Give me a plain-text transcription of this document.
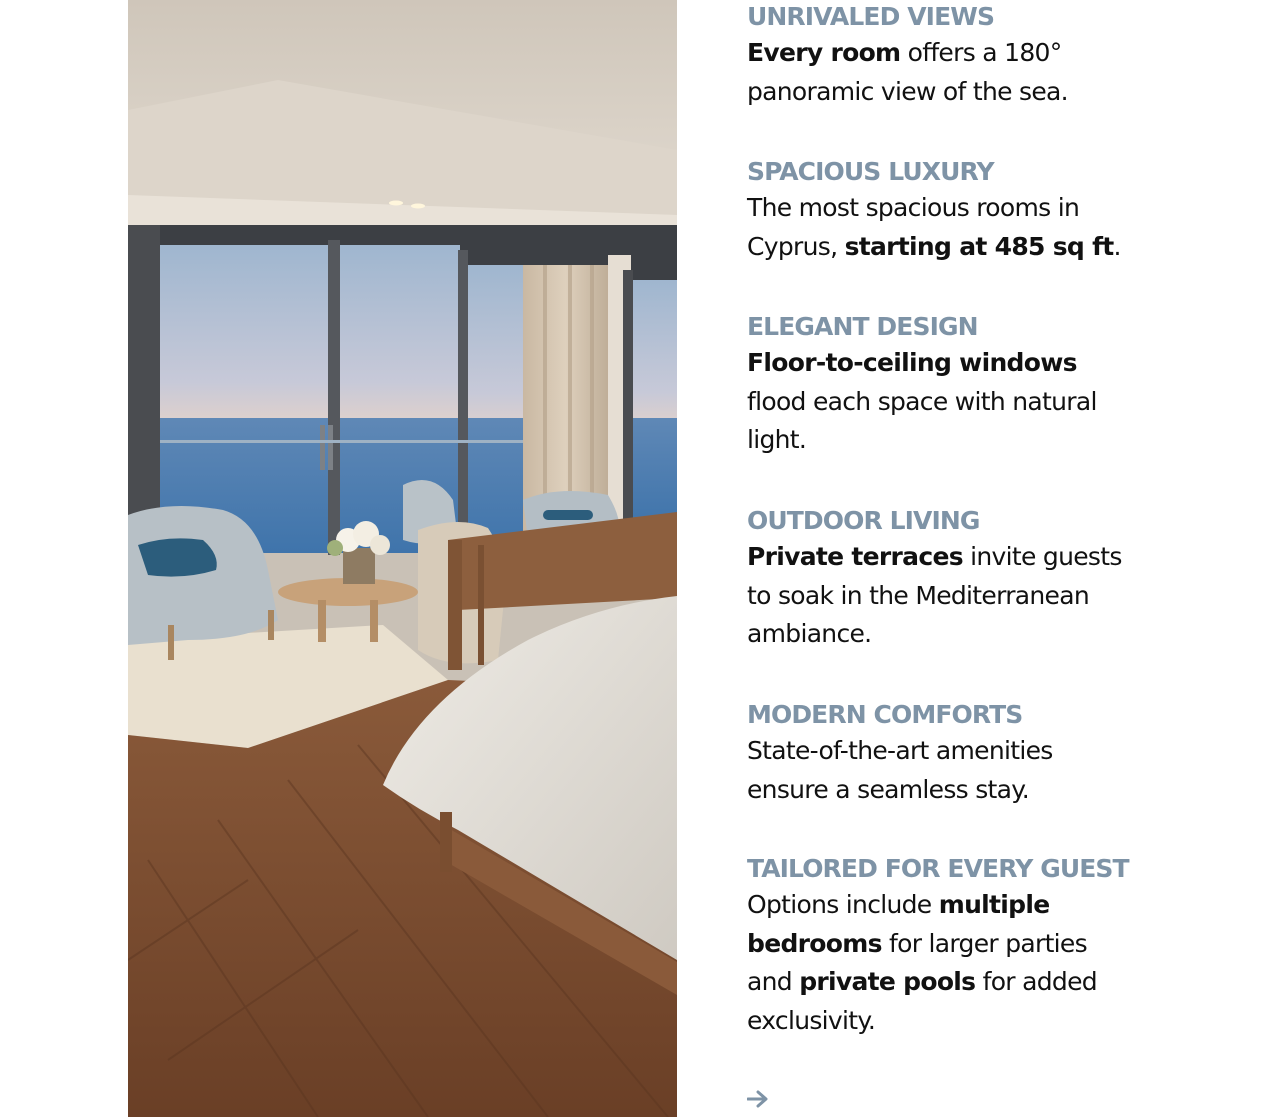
UNRIVALED VIEWS

Every room offers a 180°
panoramic view of the sea.

SPACIOUS LUXURY

The most spacious rooms in
Cyprus, starting at 485 sq ft.

ELEGANT DESIGN

Floor-to-ceiling windows
flood each space with natural
light.

OUTDOOR LIVING

Private terraces invite guests
to soak in the Mediterranean
ambiance.

MODERN COMFORTS

State-of-the-art amenities
ensure a seamless stay.

TAILORED FOR EVERY GUEST

Options include multiple
bedrooms for larger parties
and private pools for added
exclusivity.
